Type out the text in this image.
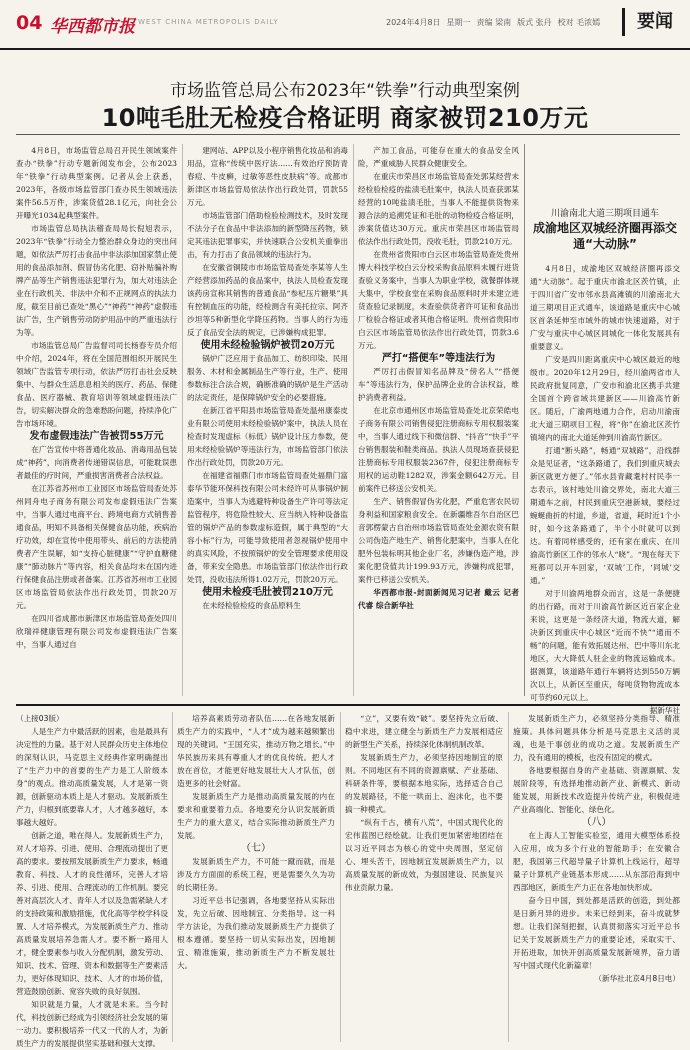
04 华西都市报 WEST CHINA METROPOLIS DAILY	2024年4月8日 星期一 责编 梁南 版式 张丹 校对 毛浓嫣	要闻
市场监管总局公布2023年“铁拳”行动典型案例
10吨毛肚无检疫合格证明 商家被罚210万元

4月8日，市场监管总局召开民生领域案件查办“铁拳”行动专题新闻发布会，公布2023年“铁拳”行动典型案例。记者从会上获悉，2023年，各级市场监管部门查办民生领域违法案件56.5万件，涉案货值28.1亿元，向社会公开曝光1034起典型案件。

市场监管总局执法稽查局局长倪旭表示，2023年“铁拳”行动全力整治群众身边的突出问题，如依法严厉打击食品中非法添加国家禁止使用的食品添加剂、假冒伪劣化肥、窃补贴骗补购牌产品等生产销售违法犯罪行为，加大对违法企业在行政机关、非法中介和不正规网点的执法力度，截至目前已查处“黑心”“神药”“神药”虚假违法广告，生产销售劳动防护用品中的严重违法行为等。

市场监管总局广告监督司司长杨春专员介绍中介绍，2024年，将在全国范围组织开展民生领域广告监管专项行动，依法严厉打击社会反映集中、与群众生活息息相关的医疗、药品、保健食品、医疗器械、教育培训等领域虚假违法广告，切实解决群众的急难愁盼问题，持续净化广告市场环境。

发布虚假违法广告被罚55万元

在广告宣传中将普通化妆品、消毒用品包装成“神药”，向消费者传递错误信息，可能耽误患者最佳的疗时间，严重损害消费者合法权益。

在江苏省苏州市工业园区市场监管局查处苏州同舟电子商务有限公司发布虚假违法广告案中，当事人通过电商平台、跨境电商方式销售普通食品，明知不具备相关保健食品功能，疾病治疗功效，却在宣传中使用带头、前后的方法使消费者产生误解，如“支持心脏健康”“守护血糖健康”“肺动脉片”等内容，相关食品均未在国内进行保健食品注册或者备案。江苏省苏州市工业园区市场监管局依法作出行政处罚，罚款20万元。

在四川省成都市新津区市场监管局查处四川欣瑞祥健康管理有限公司发布虚假违法广告案中，当事人通过自

建网站、APP以及小程序销售化妆品和消毒用品，宣称“传统中医疗法……有效治疗预防青春痘、牛皮癣，过敏等恶性皮肤病”等。成都市新津区市场监管局依法作出行政处罚，罚款55万元。

市场监管部门借助检验检测技术，及时发现不法分子在食品中非法添加的新型降压药物，锁定其违法犯罪事实，并快速联合公安机关重拳出击，有力打击了食品领域的违法行为。

在安徽省铜陵市市场监管局查处李某等人生产经营添加药品的食品案中，执法人员检查发现该药房宣称其销售的普通食品“参杞压片糖果”具有控制血压的功能，经检测含有美托拉宗、阿齐沙坦等5种新型化学降压药物。当事人的行为违反了食品安全法的规定，已涉嫌构成犯罪。

使用未经检验锅炉被罚20万元

锅炉广泛应用于食品加工、纺织印染、民用服务、木材和金属制品生产等行业，生产、使用参数标注合法合规，确断准确的锅炉是生产活动的法定责任，是保障锅炉安全的必要措施。

在新江省平阳县市场监管局查处温州康泰皮业有限公司使用未经检验锅炉案中，执法人员在检查时发现虚标（标低）锅炉设计压力参数，使用未经检验锅炉等违法行为，市场监管部门依法作出行政处罚，罚款20万元。

在福建省福鼎门市市场监管局查处福鼎门富泰华节能环保科技有限公司未经许可从事锅炉制造案中，当事人为逃避特种设备生产许可等法定监管程序，将危险性较大、应当纳入特种设备监管的锅炉产品的参数虚标造假，属于典型的“大容小标”行为，可能导致使用者忽视锅炉使用中的真实风险，不按照锅炉的安全管理要求使用设备，带来安全隐患。市场监管部门依法作出行政处罚，没收违法所得1.02万元，罚款20万元。

使用未检疫毛肚被罚210万元

在未经检验检疫的食品原料生

产加工食品，可能存在重大的食品安全风险，严重威胁人民群众健康安全。

在重庆市荣昌区市场监管局查处郭某经营未经检验检疫的盐渍毛肚案中，执法人员查获郭某经营的10吨盐渍毛肚，当事人不能提供货物来源合法的追溯凭证和毛肚的动物检疫合格证明，涉案货值达30万元。重庆市荣昌区市场监管局依法作出行政处罚，没收毛肚，罚款210万元。

在贵州省贵阳市白云区市场监管局查处贵州博大科技学校白云分校采购食品原料未履行进货查验义务案中，当事人为职业学校，就餐群体规大集中，学校食堂在采购食品原料时并未建立进货查验记录制度，未查验供货者许可证和食品出厂检验合格证或者其他合格证明。贵州省贵阳市白云区市场监管局依法作出行政处罚，罚款3.6万元。

严打“搭便车”等违法行为

严厉打击假冒知名品牌及“傍名人”“搭便车”等违法行为，保护品牌企业的合法权益，维护消费者利益。

在北京市通州区市场监管局查处北京荣皓电子商务有限公司销售侵犯注册商标专用权服装案中，当事人通过线下和微信群、“抖音”“快手”平台销售服装和鞋类商品。执法人员现场查获侵犯注册商标专用权服装2367件，侵犯注册商标专用权的运动鞋1282双，涉案金额642万元。目前案件已移送公安机关。

生产、销售假冒伪劣化肥，严重危害农民切身利益和国家粮食安全。在新疆维吾尔自治区巴音郭楞蒙古自治州市场监管局查处金源农资有限公司伪造产地生产、销售化肥案中，当事人在化肥外包装标明其他企业厂名，涉嫌伪造产地，涉案化肥货值共计199.93万元，涉嫌构成犯罪，案件已移送公安机关。

华西都市报-封面新闻见习记者 戴云 记者 代睿 综合新华社

川渝南北大道三期项目通车
成渝地区双城经济圈再添交通“大动脉”

4月8日，成渝地区双城经济圈再添交通“大动脉”。起于重庆市渝北区茨竹镇，止于四川省广安市邻水县高滩镇的川渝南北大道三期项目正式通车，该道路是重庆中心城区首条延伸至市域外的城市快速道路，对于广安与重庆中心城区同城化一体化发展具有重要意义。

广安是四川距离重庆中心城区最近的地级市。2020年12月29日，经川渝两省市人民政府批复同意，广安市和渝北区携手共建全国首个跨省域共建新区——川渝高竹新区。随后，广渝两地通力合作，启动川渝南北大道三期项目工程，将“你”在渝北区茨竹镇境内的南北大道延伸到川渝高竹新区。

打通“断头路”，畅通“双城路”，沿线群众是见证者，“这条路通了，我们到重庆城去新区就更方便了。”邻水县青藏耄村村民李一志表示，该村地处川渝交界处，南北大道三期通车之前，村民到重庆空港新城，要经过蜿蜒曲折的村道，乡道，省道，耗时近1个小时，如今这条路通了，半个小时就可以到达。有着同样感受的，还有家在重庆、在川渝高竹新区工作的邻水人“晓”。“现在每天下班都可以开车回家，‘双城’工作，‘同城’交通。”

对于川渝两地群众而言，这是一条便捷的出行路，而对于川渝高竹新区近百家企业来说，这更是一条经济大道，物流大道，解决新区到重庆中心城区“近而不快”“通而不畅”的问题，能有效拓展达州、巴中等川东北地区，大大降低人驻企业的物流运输成本。据测算，该道路年通行车辆将达到550万辆次以上，从新区至重庆，每吨货物物流成本可节约60元以上。

据新华社

（上接03版）

人是生产力中最活跃的因素，也是最具有决定性的力量。基于对人民群众历史主体地位的深刻认识，马克思主义经典作家明确提出了“生产力中的首要的生产力是工人阶级本身”的观点。推动高质量发展，人才是第一资源，创新驱动本质上是人才驱动。发展新质生产力，归根到底要靠人才，人才越多越好，本事越大越好。

创新之道，唯在得人。发展新质生产力，对人才培养、引进、使用、合理流动提出了更高的要求。要按照发展新质生产力要求，畅通教育、科技、人才的良性循环，完善人才培养、引进、使用、合理流动的工作机制。要完善对高层次人才、青年人才以及急需紧缺人才的支持政策和激励措施，优化高等学校学科设置、人才培养模式，为发展新质生产力、推动高质量发展培养急需人才。要不断一路用人才，健全要素参与收入分配机制，激发劳动、知识、技术、管理、资本和数据等生产要素活力，更好体现知识、技术、人才的市场价值，营造鼓励创新、宽容失败的良好氛围。

知识就是力量，人才就是未来。当今时代，科技创新已经成为引领经济社会发展的第一动力。要积极培养一代又一代的人才，为新质生产力的发展提供坚实基础和强大支撑。

培养高素质劳动者队伍……在各地发展新质生产力的实践中，“人才”成为越来越频繁出现的关键词。“王国充实，推动万物之增长。”中华民族历来具有尊重人才的优良传统。把人才放在首位，才能更好地发展壮大人才队伍，创造更多的社会财富。

发展新质生产力是推动高质量发展的内在要求和重要着力点。各地要充分认识发展新质生产力的重大意义，结合实际推动新质生产力发展。

（七）

发展新质生产力，不可能一蹴而就，而是涉及方方面面的系统工程，更是需要久久为功的长期任务。

习近平总书记强调，各地要坚持从实际出发，先立后破、因地制宜、分类指导。这一科学方法论，为我们推动发展新质生产力提供了根本遵循。要坚持一切从实际出发，因地制宜、精准施策，推动新质生产力不断发展壮大。

“立”，又要有效“破”。要坚持先立后破、稳中求进，建立健全与新质生产力发展相适应的新型生产关系，持续深化体制机制改革。

发展新质生产力，必须坚持因地制宜的原则。不同地区有不同的资源禀赋、产业基础、科研条件等，要根据本地实际，选择适合自己的发展路径，不能一哄而上、泡沫化，也不要搞一种模式。

“纵有千古，横有八荒”，中国式现代化的宏伟蓝图已经绘就。让我们更加紧密地团结在以习近平同志为核心的党中央周围，坚定信心、埋头苦干，因地制宜发展新质生产力，以高质量发展的新成效，为强国建设、民族复兴伟业贡献力量。

发展新质生产力，必须坚持分类指导、精准施策。具体问题具体分析是马克思主义活的灵魂，也是干事创业的成功之道。发展新质生产力，没有通用的模板，也没有固定的模式。

各地要根据自身的产业基础、资源禀赋、发展阶段等，有选择地推动新产业、新模式、新动能发展，用新技术改造提升传统产业，积极促进产业高端化、智能化、绿色化。

（八）

在上海人工智能实验室，通用大模型体系投入应用，成为多个行业的智能助手；在安徽合肥，我国第三代超导量子计算机上线运行，超导量子计算机产业链基本形成……从东部沿海到中西部地区，新质生产力正在各地加快形成。

奋今日中国，到处都是活跃的创造，到处都是日新月异的进步。未来已经到来，奋斗成就梦想。让我们深刻把握，认真贯彻落实习近平总书记关于发展新质生产力的重要论述，采取实干、开拓进取，加快开创高质量发展新境界，奋力谱写中国式现代化新篇章！

（新华社北京4月8日电）
